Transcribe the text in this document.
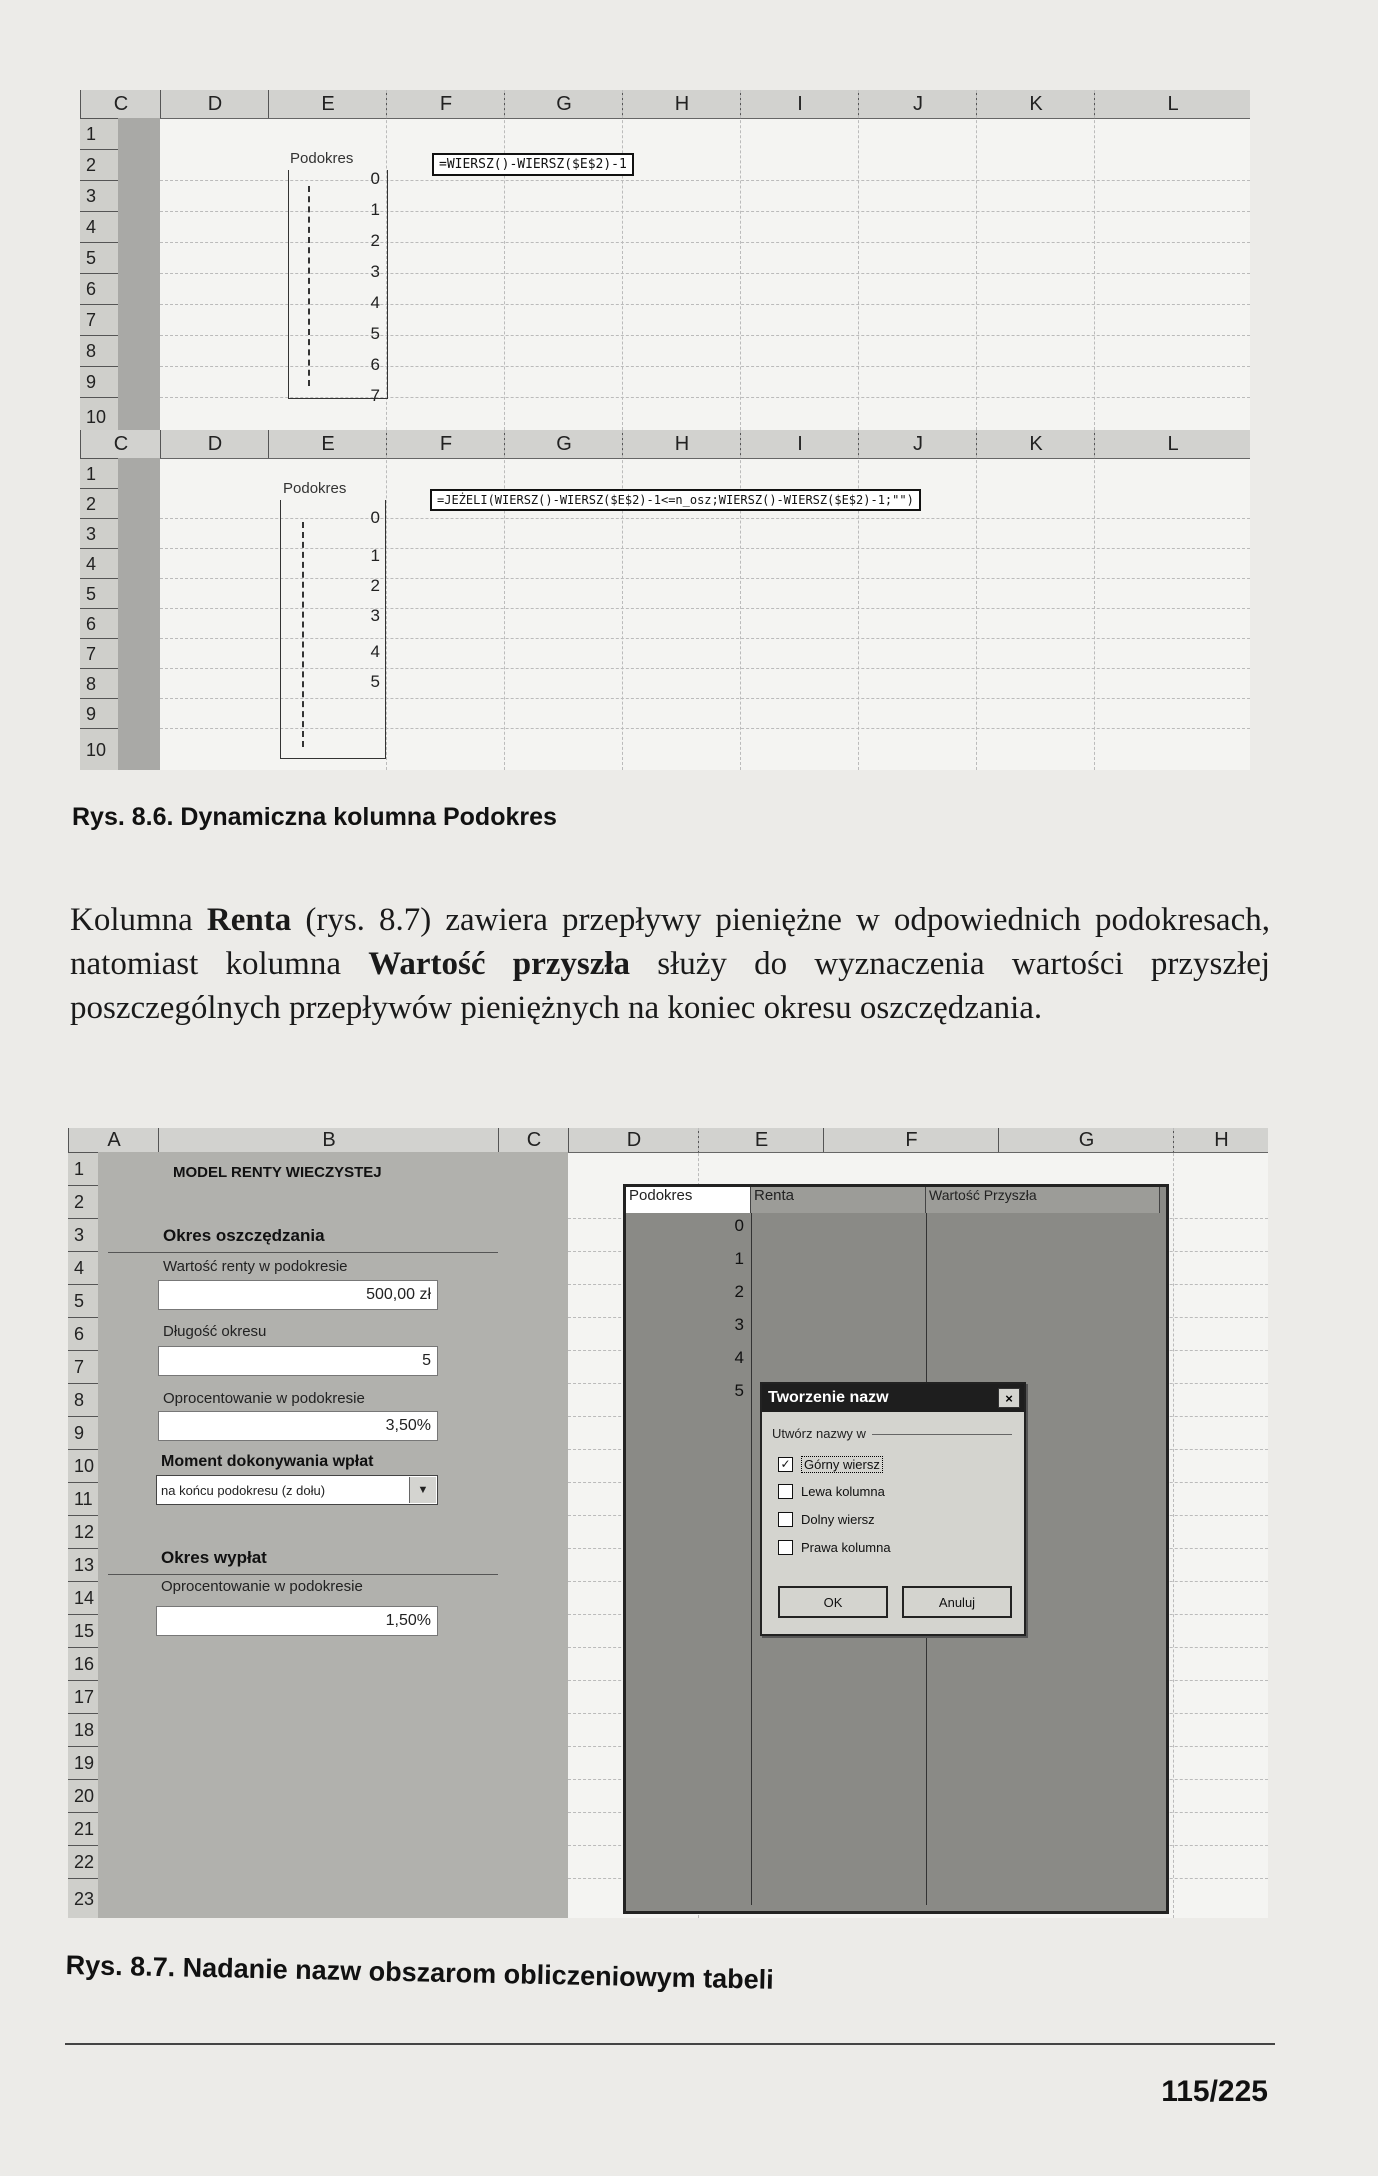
C	D	E	F	G	H	I	J	K	L
1
2
3
4
5
6
7
8
9
10
Podokres
0
1
2
3
4
5
6
7
=WIERSZ()-WIERSZ($E$2)-1
C	D	E	F	G	H	I	J	K	L
1
2
3
4
5
6
7
8
9
10
Podokres
0
1
2
3
4
5
=JEŻELI(WIERSZ()-WIERSZ($E$2)-1<=n_osz;WIERSZ()-WIERSZ($E$2)-1;"")
Rys. 8.6. Dynamiczna kolumna Podokres
Kolumna Renta (rys. 8.7) zawiera przepływy pieniężne w odpowiednich podokresach, natomiast kolumna Wartość przyszła służy do wyznaczenia wartości przyszłej poszczególnych przepływów pieniężnych na koniec okresu oszczędzania.
A	B	C	D	E	F	G	H
1
2
3
4
5
6
7
8
9
10
11
12
13
14
15
16
17
18
19
20
21
22
23
MODEL RENTY WIECZYSTEJ
Okres oszczędzania
Wartość renty w podokresie
500,00 zł
Długość okresu
5
Oprocentowanie w podokresie
3,50%
Moment dokonywania wpłat
na końcu podokresu (z dołu)	▼
Okres wypłat
Oprocentowanie w podokresie
1,50%
Podokres	Renta	Wartość Przyszła
0
1
2
3
4
5 Tworzenie nazw	×
Utwórz nazwy w
✓ Górny wiersz
Lewa kolumna
Dolny wiersz
Prawa kolumna
OK	Anuluj
Rys. 8.7. Nadanie nazw obszarom obliczeniowym tabeli
115/225
